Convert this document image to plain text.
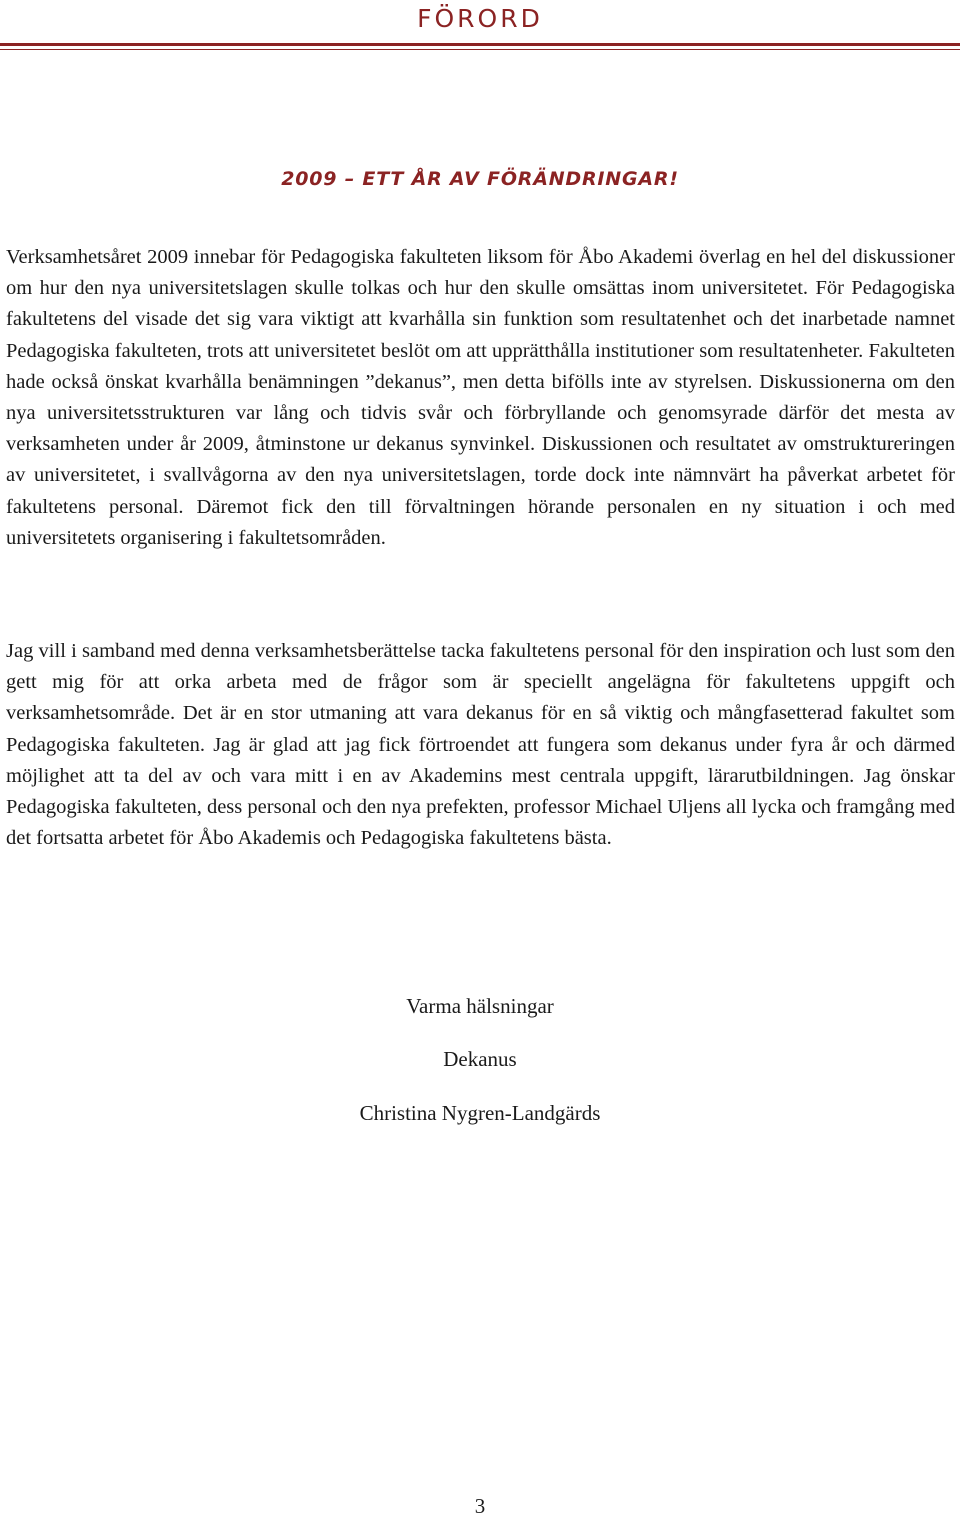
FÖRORD
2009 – ETT ÅR AV FÖRÄNDRINGAR!

Verksamhetsåret 2009 innebar för Pedagogiska fakulteten liksom för Åbo Akademi överlag en hel del diskussioner om hur den nya universitetslagen skulle tolkas och hur den skulle omsättas inom universitetet. För Pedagogiska fakultetens del visade det sig vara viktigt att kvarhålla sin funktion som resultatenhet och det inarbetade namnet Pedagogiska fakulteten, trots att universitetet beslöt om att upprätthålla institutioner som resultatenheter. Fakulteten hade också önskat kvarhålla benämningen ”dekanus”, men detta bifölls inte av styrelsen. Diskussionerna om den nya universitetsstrukturen var lång och tidvis svår och förbryllande och genomsyrade därför det mesta av verksamheten under år 2009, åtminstone ur dekanus synvinkel. Diskussionen och resultatet av omstruktureringen av universitetet, i svallvågorna av den nya universitetslagen, torde dock inte nämnvärt ha påverkat arbetet för fakultetens personal. Däremot fick den till förvaltningen hörande personalen en ny situation i och med universitetets organisering i fakultetsområden.

Jag vill i samband med denna verksamhetsberättelse tacka fakultetens personal för den inspiration och lust som den gett mig för att orka arbeta med de frågor som är speciellt angelägna för fakultetens uppgift och verksamhetsområde. Det är en stor utmaning att vara dekanus för en så viktig och mångfasetterad fakultet som Pedagogiska fakulteten. Jag är glad att jag fick förtroendet att fungera som dekanus under fyra år och därmed möjlighet att ta del av och vara mitt i en av Akademins mest centrala uppgift, lärarutbildningen. Jag önskar Pedagogiska fakulteten, dess personal och den nya prefekten, professor Michael Uljens all lycka och framgång med det fortsatta arbetet för Åbo Akademis och Pedagogiska fakultetens bästa.

Varma hälsningar

Dekanus

Christina Nygren-Landgärds

3
